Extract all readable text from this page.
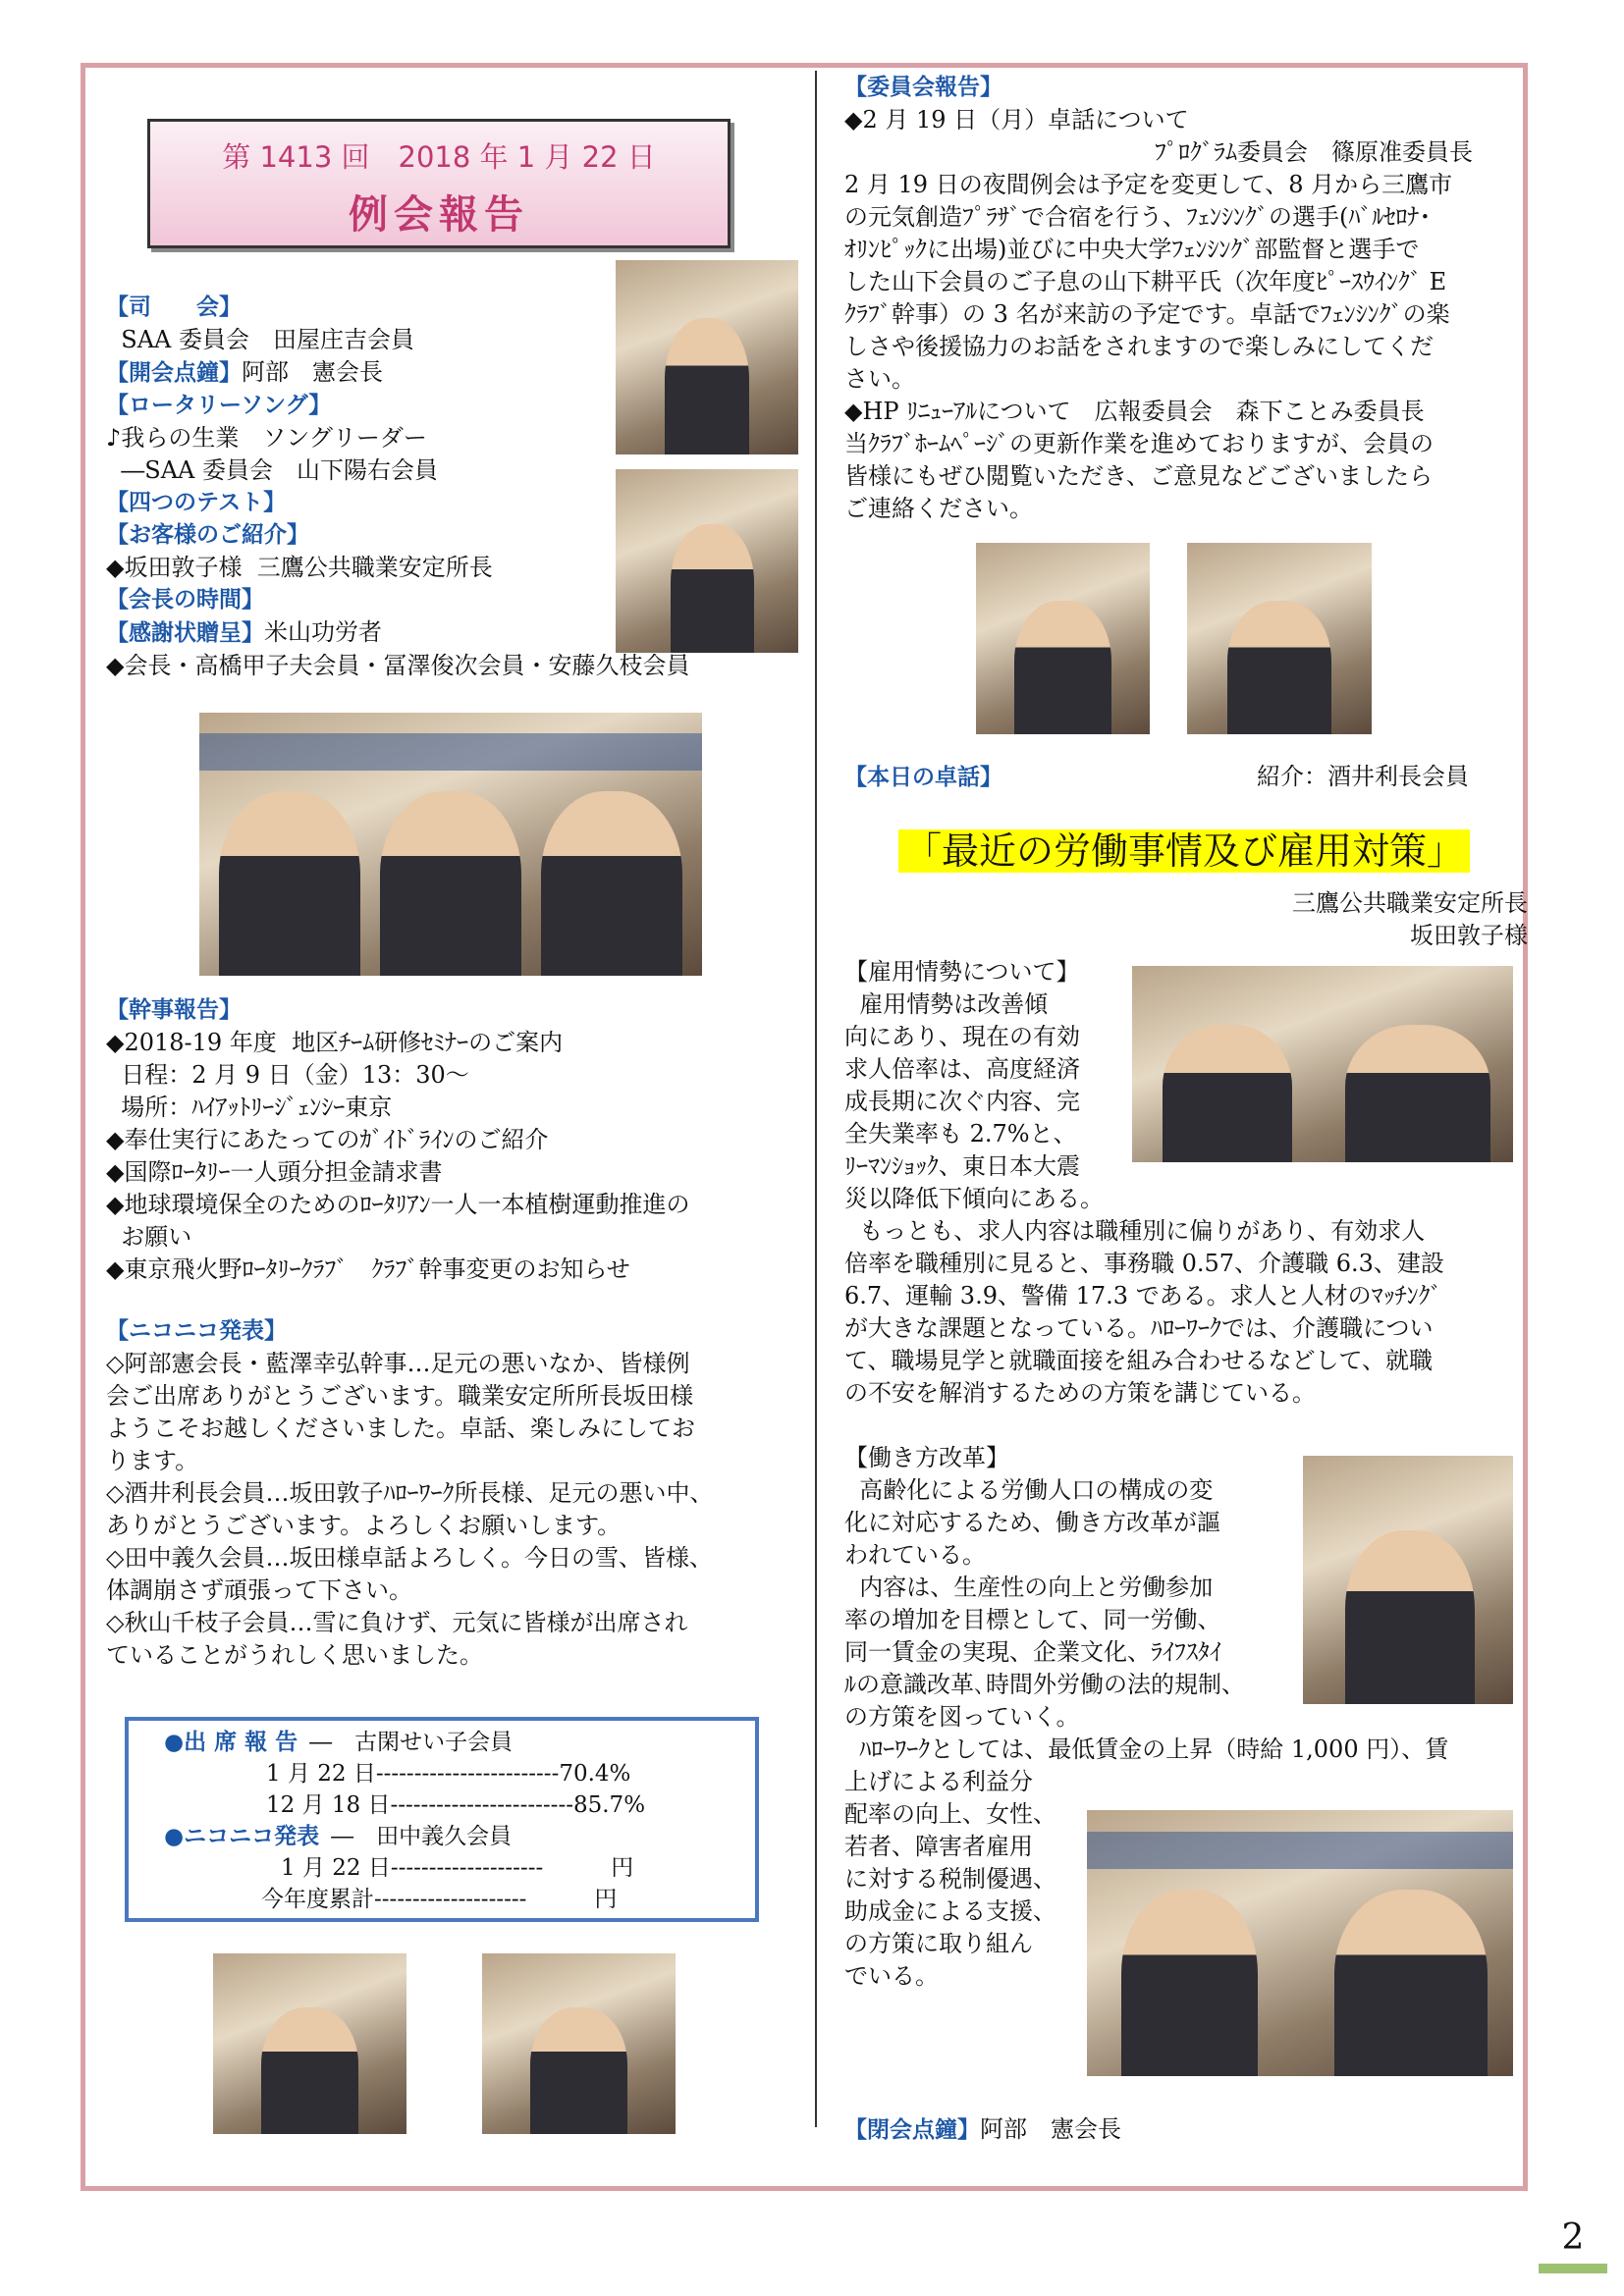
第 1413 回　2018 年 1 月 22 日
例会報告
【司　　会】
SAA 委員会　田屋庄吉会員
【開会点鐘】阿部　憲会長
【ロータリーソング】
♪我らの生業　ソングリーダー
―SAA 委員会　山下陽右会員
【四つのテスト】
【お客様のご紹介】
◆坂田敦子様  三鷹公共職業安定所長
【会長の時間】
【感謝状贈呈】米山功労者
◆会長・高橋甲子夫会員・冨澤俊次会員・安藤久枝会員
【幹事報告】
◆2018-19 年度  地区ﾁｰﾑ研修ｾﾐﾅｰのご案内
日程：2 月 9 日（金）13：30～
場所：ﾊｲｱｯﾄﾘｰｼﾞｪﾝｼｰ東京
◆奉仕実行にあたってのｶﾞｲﾄﾞﾗｲﾝのご紹介
◆国際ﾛｰﾀﾘｰ一人頭分担金請求書
◆地球環境保全のためのﾛｰﾀﾘｱﾝ一人一本植樹運動推進の
お願い
◆東京飛火野ﾛｰﾀﾘｰｸﾗﾌﾞ　ｸﾗﾌﾞ幹事変更のお知らせ
【ニコニコ発表】
◇阿部憲会長・藍澤幸弘幹事…足元の悪いなか、皆様例
会ご出席ありがとうございます。職業安定所所長坂田様
ようこそお越しくださいました。卓話、楽しみにしてお
ります。
◇酒井利長会員…坂田敦子ﾊﾛｰﾜｰｸ所長様、足元の悪い中、
ありがとうございます。よろしくお願いします。
◇田中義久会員…坂田様卓話よろしく。今日の雪、皆様、
体調崩さず頑張って下さい。
◇秋山千枝子会員…雪に負けず、元気に皆様が出席され
ていることがうれしく思いました。
●出 席 報 告 ―　古閑せい子会員
1 月 22 日------------------------70.4%
12 月 18 日------------------------85.7%
●ニコニコ発表 ―　田中義久会員
1 月 22 日--------------------　　　円
今年度累計--------------------　　　円
【委員会報告】
◆2 月 19 日（月）卓話について
ﾌﾟﾛｸﾞﾗﾑ委員会　篠原准委員長
2 月 19 日の夜間例会は予定を変更して、8 月から三鷹市
の元気創造ﾌﾟﾗｻﾞで合宿を行う、ﾌｪﾝｼﾝｸﾞの選手(ﾊﾞﾙｾﾛﾅ･
ｵﾘﾝﾋﾟｯｸに出場)並びに中央大学ﾌｪﾝｼﾝｸﾞ部監督と選手で
した山下会員のご子息の山下耕平氏（次年度ﾋﾟｰｽｳｲﾝｸﾞ E
ｸﾗﾌﾞ幹事）の 3 名が来訪の予定です。卓話でﾌｪﾝｼﾝｸﾞの楽
しさや後援協力のお話をされますので楽しみにしてくだ
さい。
◆HP ﾘﾆｭｰｱﾙについて　広報委員会　森下ことみ委員長
当ｸﾗﾌﾞﾎｰﾑﾍﾟｰｼﾞの更新作業を進めておりますが、会員の
皆様にもぜひ閲覧いただき、ご意見などございましたら
ご連絡ください。
【本日の卓話】	紹介：酒井利長会員
「最近の労働事情及び雇用対策」
三鷹公共職業安定所長
坂田敦子様
【雇用情勢について】
雇用情勢は改善傾
向にあり、現在の有効
求人倍率は、高度経済
成長期に次ぐ内容、完
全失業率も 2.7%と、
ﾘｰﾏﾝｼｮｯｸ、東日本大震
災以降低下傾向にある。
もっとも、求人内容は職種別に偏りがあり、有効求人
倍率を職種別に見ると、事務職 0.57、介護職 6.3、建設
6.7、運輸 3.9、警備 17.3 である。求人と人材のﾏｯﾁﾝｸﾞ
が大きな課題となっている。ﾊﾛｰﾜｰｸでは、介護職につい
て、職場見学と就職面接を組み合わせるなどして、就職
の不安を解消するための方策を講じている。
【働き方改革】
高齢化による労働人口の構成の変
化に対応するため、働き方改革が謳
われている。
内容は、生産性の向上と労働参加
率の増加を目標として、同一労働、
同一賃金の実現、企業文化、ﾗｲﾌｽﾀｲ
ﾙの意識改革､時間外労働の法的規制、
の方策を図っていく。
ﾊﾛｰﾜｰｸとしては、最低賃金の上昇（時給 1,000 円）、賃
上げによる利益分
配率の向上、女性、
若者、障害者雇用
に対する税制優遇、
助成金による支援、
の方策に取り組ん
でいる。
【閉会点鐘】阿部　憲会長
2
